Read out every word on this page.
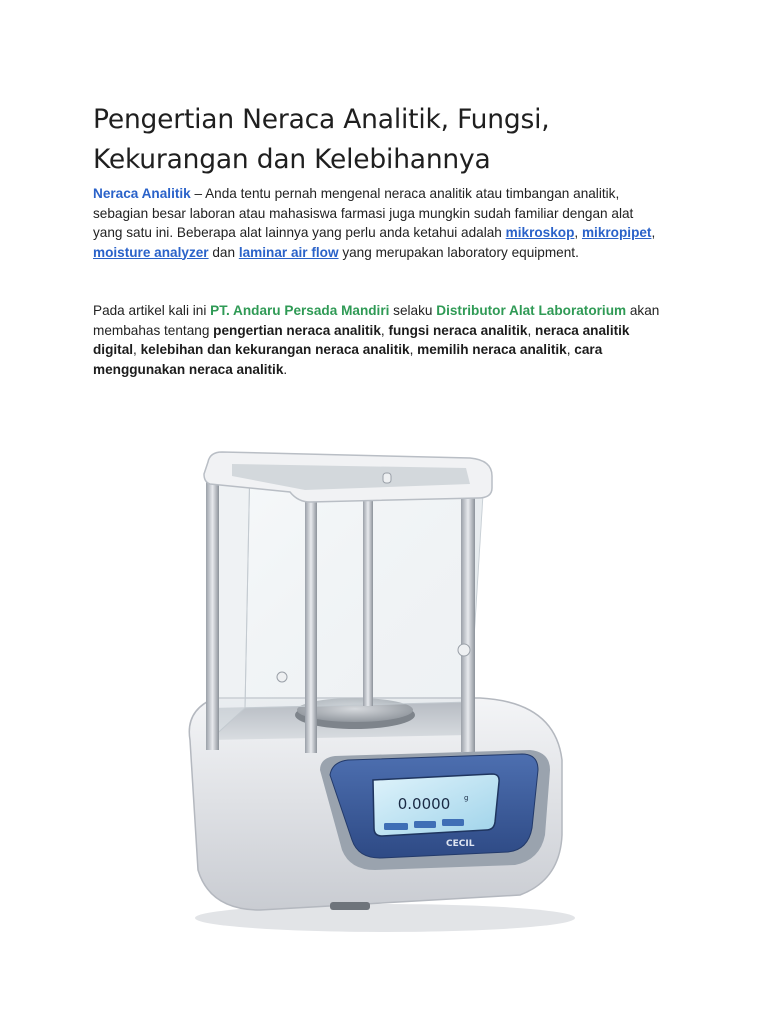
Pengertian Neraca Analitik, Fungsi,
Kekurangan dan Kelebihannya

Neraca Analitik – Anda tentu pernah mengenal neraca analitik atau timbangan analitik, sebagian besar laboran atau mahasiswa farmasi juga mungkin sudah familiar dengan alat yang satu ini. Beberapa alat lainnya yang perlu anda ketahui adalah mikroskop, mikropipet, moisture analyzer dan laminar air flow yang merupakan laboratory equipment.

Pada artikel kali ini PT. Andaru Persada Mandiri selaku Distributor Alat Laboratorium akan membahas tentang pengertian neraca analitik, fungsi neraca analitik, neraca analitik digital, kelebihan dan kekurangan neraca analitik, memilih neraca analitik, cara menggunakan neraca analitik.

0.0000 g
CECIL
